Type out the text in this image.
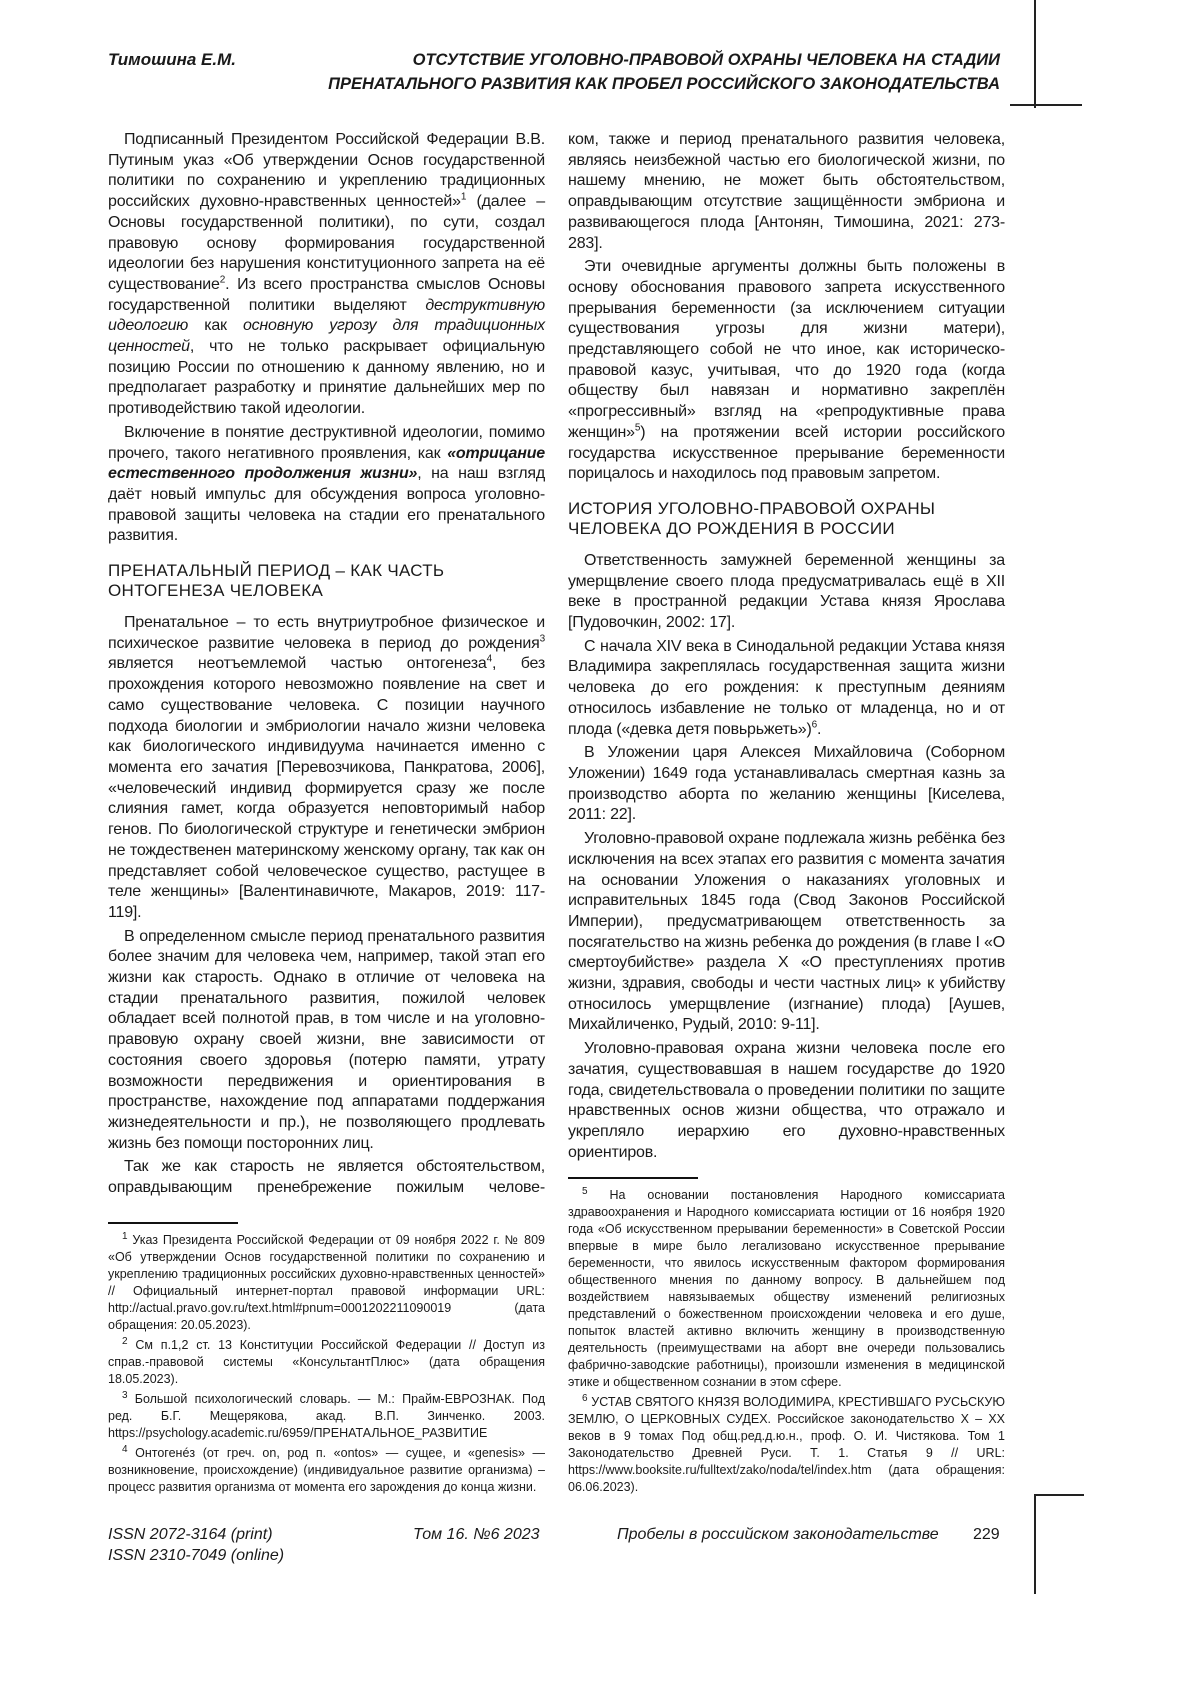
Тимошина Е.М.	ОТСУТСТВИЕ УГОЛОВНО-ПРАВОВОЙ ОХРАНЫ ЧЕЛОВЕКА НА СТАДИИ
ПРЕНАТАЛЬНОГО РАЗВИТИЯ КАК ПРОБЕЛ РОССИЙСКОГО ЗАКОНОДАТЕЛЬСТВА

Подписанный Президентом Российской Федерации В.В. Путиным указ «Об утверждении Основ государственной политики по сохранению и укреплению традиционных российских духовно-нравственных ценностей»1 (далее – Основы государственной политики), по сути, создал правовую основу формирования государственной идеологии без нарушения конституционного запрета на её существование2. Из всего пространства смыслов Основы государственной политики выделяют деструктивную идеологию как основную угрозу для традиционных ценностей, что не только раскрывает официальную позицию России по отношению к данному явлению, но и предполагает разработку и принятие дальнейших мер по противодействию такой идеологии.

Включение в понятие деструктивной идеологии, помимо прочего, такого негативного проявления, как «отрицание естественного продолжения жизни», на наш взгляд даёт новый импульс для обсуждения вопроса уголовно-правовой защиты человека на стадии его пренатального развития.

ПРЕНАТАЛЬНЫЙ ПЕРИОД – КАК ЧАСТЬ ОНТОГЕНЕЗА ЧЕЛОВЕКА

Пренатальное – то есть внутриутробное физическое и психическое развитие человека в период до рождения3 является неотъемлемой частью онтогенеза4, без прохождения которого невозможно появление на свет и само существование человека. С позиции научного подхода биологии и эмбриологии начало жизни человека как биологического индивидуума начинается именно с момента его зачатия [Перевозчикова, Панкратова, 2006], «человеческий индивид формируется сразу же после слияния гамет, когда образуется неповторимый набор генов. По биологической структуре и генетически эмбрион не тождественен материнскому женскому органу, так как он представляет собой человеческое существо, растущее в теле женщины» [Валентинавичюте, Макаров, 2019: 117-119].

В определенном смысле период пренатального развития более значим для человека чем, например, такой этап его жизни как старость. Однако в отличие от человека на стадии пренатального развития, пожилой человек обладает всей полнотой прав, в том числе и на уголовно-правовую охрану своей жизни, вне зависимости от состояния своего здоровья (потерю памяти, утрату возможности передвижения и ориентирования в пространстве, нахождение под аппаратами поддержания жизнедеятельности и пр.), не позволяющего продлевать жизнь без помощи посторонних лиц.

Так же как старость не является обстоятельством, оправдывающим пренебрежение пожилым челове-

1 Указ Президента Российской Федерации от 09 ноября 2022 г. № 809 «Об утверждении Основ государственной политики по сохранению и укреплению традиционных российских духовно-нравственных ценностей» // Официальный интернет-портал правовой информации URL: http://actual.pravo.gov.ru/text.html#pnum=0001202211090019 (дата обращения: 20.05.2023).

2 См п.1,2 ст. 13 Конституции Российской Федерации // Доступ из справ.-правовой системы «КонсультантПлюс» (дата обращения 18.05.2023).

3 Большой психологический словарь. — М.: Прайм-ЕВРОЗНАК. Под ред. Б.Г. Мещерякова, акад. В.П. Зинченко. 2003. https://psychology.academic.ru/6959/ПРЕНАТАЛЬНОЕ_РАЗВИТИЕ

4 Онтогенéз (от греч. on, род п. «ontos» — сущее, и «genesis» — возникновение, происхождение) (индивидуальное развитие организма) – процесс развития организма от момента его зарождения до конца жизни.

ком, также и период пренатального развития человека, являясь неизбежной частью его биологической жизни, по нашему мнению, не может быть обстоятельством, оправдывающим отсутствие защищённости эмбриона и развивающегося плода [Антонян, Тимошина, 2021: 273-283].

Эти очевидные аргументы должны быть положены в основу обоснования правового запрета искусственного прерывания беременности (за исключением ситуации существования угрозы для жизни матери), представляющего собой не что иное, как историческо-правовой казус, учитывая, что до 1920 года (когда обществу был навязан и нормативно закреплён «прогрессивный» взгляд на «репродуктивные права женщин»5) на протяжении всей истории российского государства искусственное прерывание беременности порицалось и находилось под правовым запретом.

ИСТОРИЯ УГОЛОВНО-ПРАВОВОЙ ОХРАНЫ ЧЕЛОВЕКА ДО РОЖДЕНИЯ В РОССИИ

Ответственность замужней беременной женщины за умерщвление своего плода предусматривалась ещё в XII веке в пространной редакции Устава князя Ярослава [Пудовочкин, 2002: 17].

С начала XIV века в Синодальной редакции Устава князя Владимира закреплялась государственная защита жизни человека до его рождения: к преступным деяниям относилось избавление не только от младенца, но и от плода («девка детя повьрьжеть»)6.

В Уложении царя Алексея Михайловича (Соборном Уложении) 1649 года устанавливалась смертная казнь за производство аборта по желанию женщины [Киселева, 2011: 22].

Уголовно-правовой охране подлежала жизнь ребёнка без исключения на всех этапах его развития с момента зачатия на основании Уложения о наказаниях уголовных и исправительных 1845 года (Свод Законов Российской Империи), предусматривающем ответственность за посягательство на жизнь ребенка до рождения (в главе I «О смертоубийстве» раздела X «О преступлениях против жизни, здравия, свободы и чести частных лиц» к убийству относилось умерщвление (изгнание) плода) [Аушев, Михайличенко, Рудый, 2010: 9-11].

Уголовно-правовая охрана жизни человека после его зачатия, существовавшая в нашем государстве до 1920 года, свидетельствовала о проведении политики по защите нравственных основ жизни общества, что отражало и укрепляло иерархию его духовно-нравственных ориентиров.

5 На основании постановления Народного комиссариата здравоохранения и Народного комиссариата юстиции от 16 ноября 1920 года «Об искусственном прерывании беременности» в Советской России впервые в мире было легализовано искусственное прерывание беременности, что явилось искусственным фактором формирования общественного мнения по данному вопросу. В дальнейшем под воздействием навязываемых обществу изменений религиозных представлений о божественном происхождении человека и его душе, попыток властей активно включить женщину в производственную деятельность (преимуществами на аборт вне очереди пользовались фабрично-заводские работницы), произошли изменения в медицинской этике и общественном сознании в этом сфере.

6 УСТАВ СВЯТОГО КНЯЗЯ ВОЛОДИМИРА, КРЕСТИВШАГО РУСЬСКУЮ ЗЕМЛЮ, О ЦЕРКОВНЫХ СУДЕХ. Российское законодательство X – XX веков в 9 томах Под общ.ред.д.ю.н., проф. О. И. Чистякова. Том 1 Законодательство Древней Руси. Т. 1. Статья 9 // URL: https://www.booksite.ru/fulltext/zako/noda/tel/index.htm (дата обращения: 06.06.2023).

ISSN 2072-3164 (print)
ISSN 2310-7049 (online)
Том 16. №6 2023	Пробелы в российском законодательстве 229
